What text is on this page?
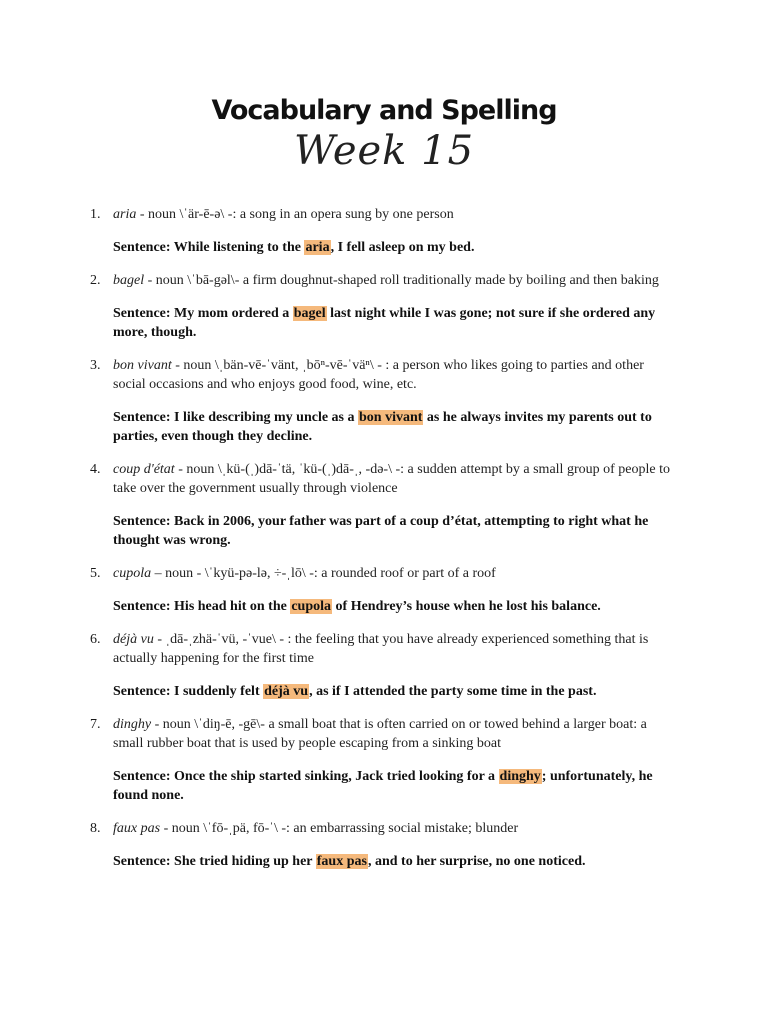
Vocabulary and Spelling
Week 15
1. aria - noun \ˈär-ē-ə\ -: a song in an opera sung by one person
Sentence: While listening to the aria, I fell asleep on my bed.
2. bagel - noun \ˈbā-gəl\- a firm doughnut-shaped roll traditionally made by boiling and then baking
Sentence: My mom ordered a bagel last night while I was gone; not sure if she ordered any more, though.
3. bon vivant - noun \ˌbän-vē-ˈvänt, ˌbōⁿ-vē-ˈväⁿ\ - : a person who likes going to parties and other social occasions and who enjoys good food, wine, etc.
Sentence: I like describing my uncle as a bon vivant as he always invites my parents out to parties, even though they decline.
4. coup d'état - noun \ˌkü-(ˌ)dā-ˈtä, ˈkü-(ˌ)dā-ˌ, -də-\ -: a sudden attempt by a small group of people to take over the government usually through violence
Sentence: Back in 2006, your father was part of a coup d’état, attempting to right what he thought was wrong.
5. cupola – noun - \ˈkyü-pə-lə, ÷-ˌlō\ -: a rounded roof or part of a roof
Sentence: His head hit on the cupola of Hendrey’s house when he lost his balance.
6. déjà vu - ˌdā-ˌzhä-ˈvü, -ˈvue\ - : the feeling that you have already experienced something that is actually happening for the first time
Sentence: I suddenly felt déjà vu, as if I attended the party some time in the past.
7. dinghy - noun \ˈdiŋ-ē, -gē\- a small boat that is often carried on or towed behind a larger boat: a small rubber boat that is used by people escaping from a sinking boat
Sentence: Once the ship started sinking, Jack tried looking for a dinghy; unfortunately, he found none.
8. faux pas - noun \ˈfō-ˌpä, fō-ˈ\ -: an embarrassing social mistake; blunder
Sentence: She tried hiding up her faux pas, and to her surprise, no one noticed.
